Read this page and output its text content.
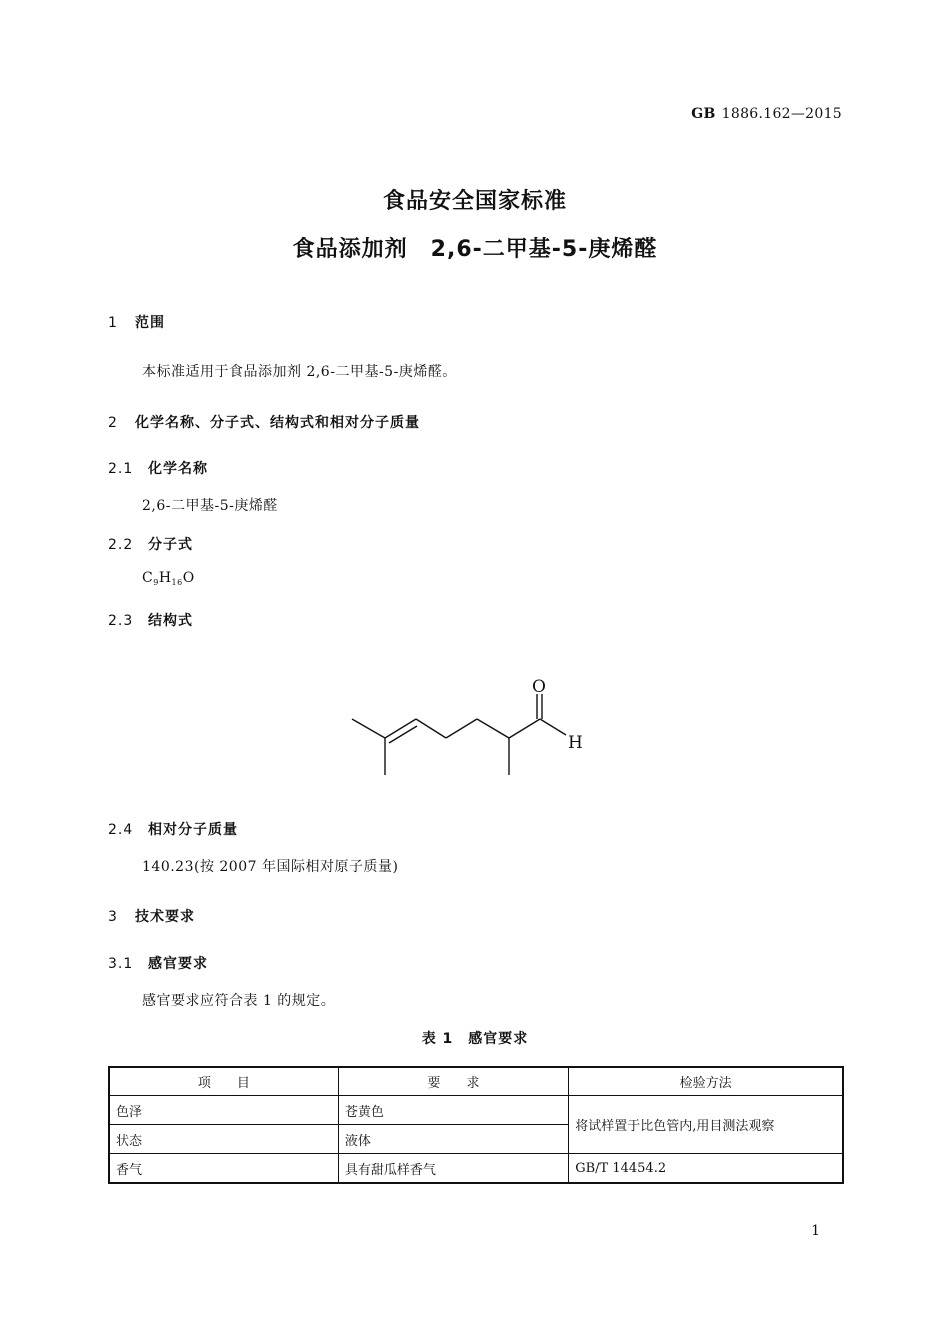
GB 1886.162—2015
食品安全国家标准
食品添加剂　2,6-二甲基-5-庚烯醛
1 范围
本标准适用于食品添加剂 2,6-二甲基-5-庚烯醛。
2 化学名称、分子式、结构式和相对分子质量
2.1 化学名称
2,6-二甲基-5-庚烯醛
2.2 分子式
$C_9H_{16}O$
2.3 结构式
O
H
2.4 相对分子质量
140.23(按 2007 年国际相对原子质量)
3 技术要求
3.1 感官要求
感官要求应符合表 1 的规定。
表 1　感官要求
项　　目	要　　求	检验方法
色泽	苍黄色	将试样置于比色管内,用目测法观察
状态	液体	
香气	具有甜瓜样香气	GB/T 14454.2
1
